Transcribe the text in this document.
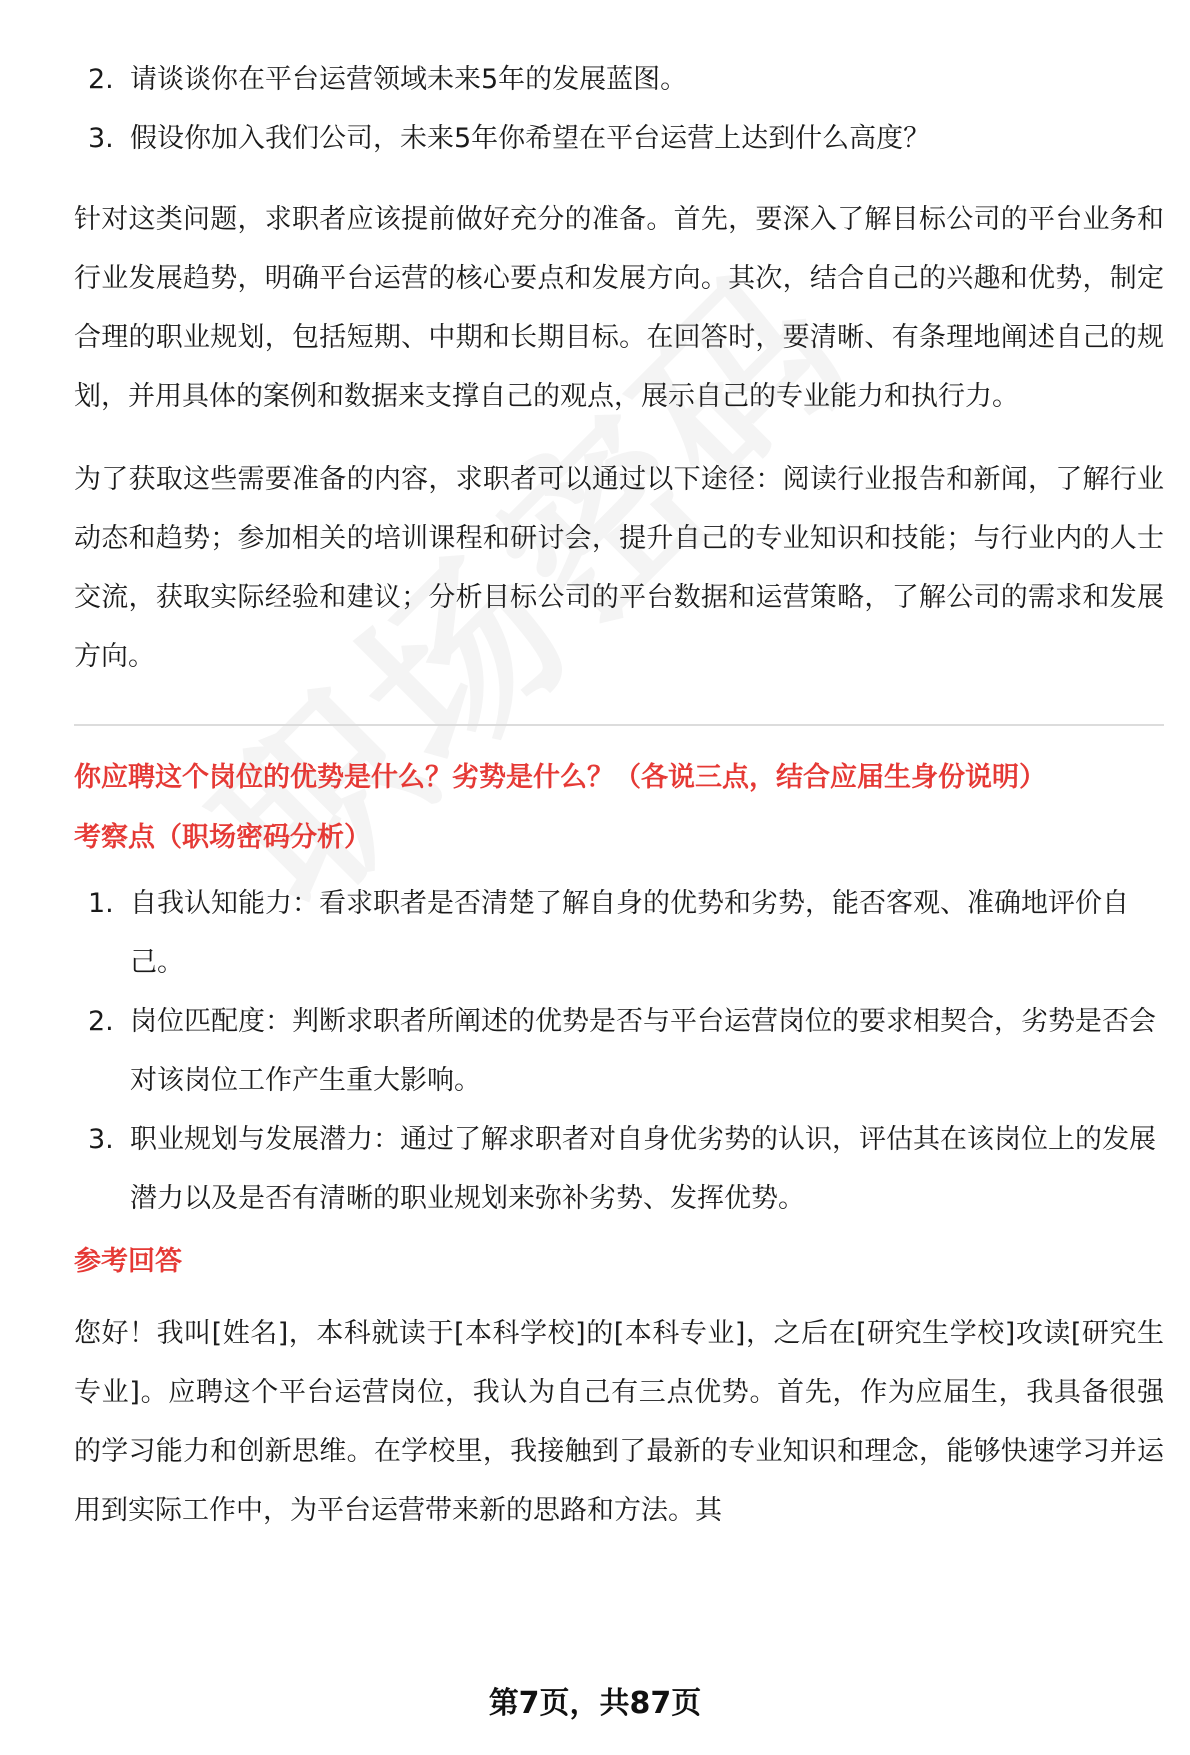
2. 请谈谈你在平台运营领域未来5年的发展蓝图。
3. 假设你加入我们公司，未来5年你希望在平台运营上达到什么高度？

针对这类问题，求职者应该提前做好充分的准备。首先，要深入了解目标公司的平台业务和行业发展趋势，明确平台运营的核心要点和发展方向。其次，结合自己的兴趣和优势，制定合理的职业规划，包括短期、中期和长期目标。在回答时，要清晰、有条理地阐述自己的规划，并用具体的案例和数据来支撑自己的观点，展示自己的专业能力和执行力。

为了获取这些需要准备的内容，求职者可以通过以下途径：阅读行业报告和新闻，了解行业动态和趋势；参加相关的培训课程和研讨会，提升自己的专业知识和技能；与行业内的人士交流，获取实际经验和建议；分析目标公司的平台数据和运营策略，了解公司的需求和发展方向。

你应聘这个岗位的优势是什么？劣势是什么？（各说三点，结合应届生身份说明）
考察点（职场密码分析）
1. 自我认知能力：看求职者是否清楚了解自身的优势和劣势，能否客观、准确地评价自己。
2. 岗位匹配度：判断求职者所阐述的优势是否与平台运营岗位的要求相契合，劣势是否会对该岗位工作产生重大影响。
3. 职业规划与发展潜力：通过了解求职者对自身优劣势的认识，评估其在该岗位上的发展潜力以及是否有清晰的职业规划来弥补劣势、发挥优势。
参考回答

您好！我叫[姓名]，本科就读于[本科学校]的[本科专业]，之后在[研究生学校]攻读[研究生专业]。应聘这个平台运营岗位，我认为自己有三点优势。首先，作为应届生，我具备很强的学习能力和创新思维。在学校里，我接触到了最新的专业知识和理念，能够快速学习并运用到实际工作中，为平台运营带来新的思路和方法。其

第7页，共87页
